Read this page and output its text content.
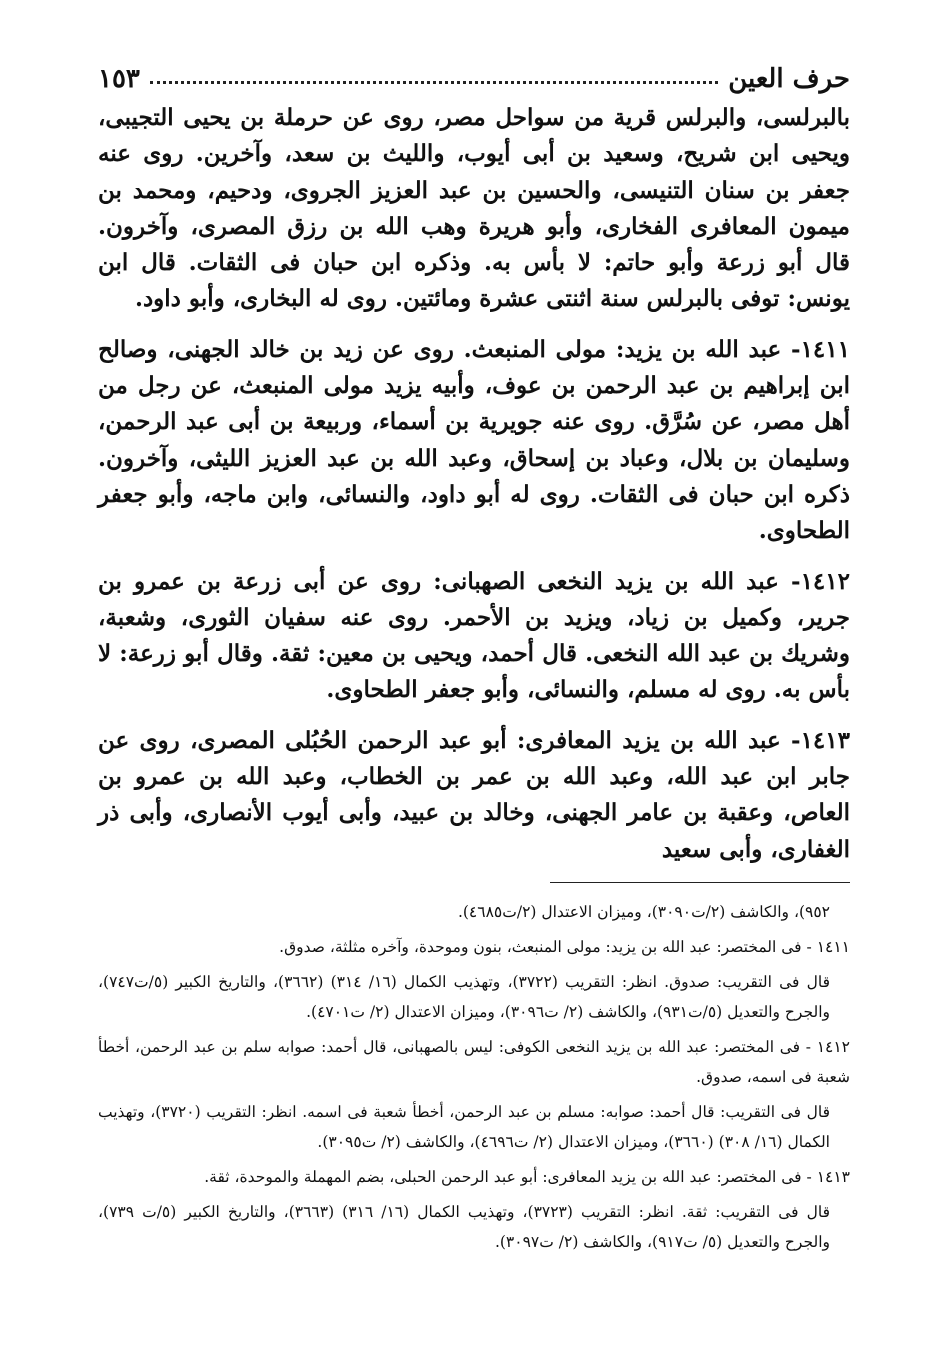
حرف العين
١٥٣

بالبرلسى، والبرلس قرية من سواحل مصر، روى عن حرملة بن يحيى التجيبى، ويحيى ابن شريح، وسعيد بن أبى أيوب، والليث بن سعد، وآخرين. روى عنه جعفر بن سنان التنيسى، والحسين بن عبد العزيز الجروى، ودحيم، ومحمد بن ميمون المعافرى الفخارى، وأبو هريرة وهب الله بن رزق المصرى، وآخرون. قال أبو زرعة وأبو حاتم: لا بأس به. وذكره ابن حبان فى الثقات. قال ابن يونس: توفى بالبرلس سنة اثنتى عشرة ومائتين. روى له البخارى، وأبو داود.

١٤١١- عبد الله بن يزيد: مولى المنبعث. روى عن زيد بن خالد الجهنى، وصالح ابن إبراهيم بن عبد الرحمن بن عوف، وأبيه يزيد مولى المنبعث، عن رجل من أهل مصر، عن سُرَّق. روى عنه جويرية بن أسماء، وربيعة بن أبى عبد الرحمن، وسليمان بن بلال، وعباد بن إسحاق، وعبد الله بن عبد العزيز الليثى، وآخرون. ذكره ابن حبان فى الثقات. روى له أبو داود، والنسائى، وابن ماجه، وأبو جعفر الطحاوى.

١٤١٢- عبد الله بن يزيد النخعى الصهبانى: روى عن أبى زرعة بن عمرو بن جرير، وكميل بن زياد، ويزيد بن الأحمر. روى عنه سفيان الثورى، وشعبة، وشريك بن عبد الله النخعى. قال أحمد، ويحيى بن معين: ثقة. وقال أبو زرعة: لا بأس به. روى له مسلم، والنسائى، وأبو جعفر الطحاوى.

١٤١٣- عبد الله بن يزيد المعافرى: أبو عبد الرحمن الحُبُلى المصرى، روى عن جابر ابن عبد الله، وعبد الله بن عمر بن الخطاب، وعبد الله بن عمرو بن العاص، وعقبة بن عامر الجهنى، وخالد بن عبيد، وأبى أيوب الأنصارى، وأبى ذر الغفارى، وأبى سعيد

٩٥٢)، والكاشف (٢/ت٣٠٩٠)، وميزان الاعتدال (٢/ت٤٦٨٥).

١٤١١ - فى المختصر: عبد الله بن يزيد: مولى المنبعث، بنون وموحدة، وآخره مثلثة، صدوق.

قال فى التقريب: صدوق. انظر: التقريب (٣٧٢٢)، وتهذيب الكمال (١٦/ ٣١٤) (٣٦٦٢)، والتاريخ الكبير (٥/ت٧٤٧)، والجرح والتعديل (٥/ت٩٣١)، والكاشف (٢/ ت٣٠٩٦)، وميزان الاعتدال (٢/ ت٤٧٠١).

١٤١٢ - فى المختصر: عبد الله بن يزيد النخعى الكوفى: ليس بالصهبانى، قال أحمد: صوابه سلم بن عبد الرحمن، أخطأ شعبة فى اسمه، صدوق.

قال فى التقريب: قال أحمد: صوابه: مسلم بن عبد الرحمن، أخطأ شعبة فى اسمه. انظر: التقريب (٣٧٢٠)، وتهذيب الكمال (١٦/ ٣٠٨) (٣٦٦٠)، وميزان الاعتدال (٢/ ت٤٦٩٦)، والكاشف (٢/ ت٣٠٩٥).

١٤١٣ - فى المختصر: عبد الله بن يزيد المعافرى: أبو عبد الرحمن الحبلى، بضم المهملة والموحدة، ثقة.

قال فى التقريب: ثقة. انظر: التقريب (٣٧٢٣)، وتهذيب الكمال (١٦/ ٣١٦) (٣٦٦٣)، والتاريخ الكبير (٥/ت ٧٣٩)، والجرح والتعديل (٥/ ت٩١٧)، والكاشف (٢/ ت٣٠٩٧).
